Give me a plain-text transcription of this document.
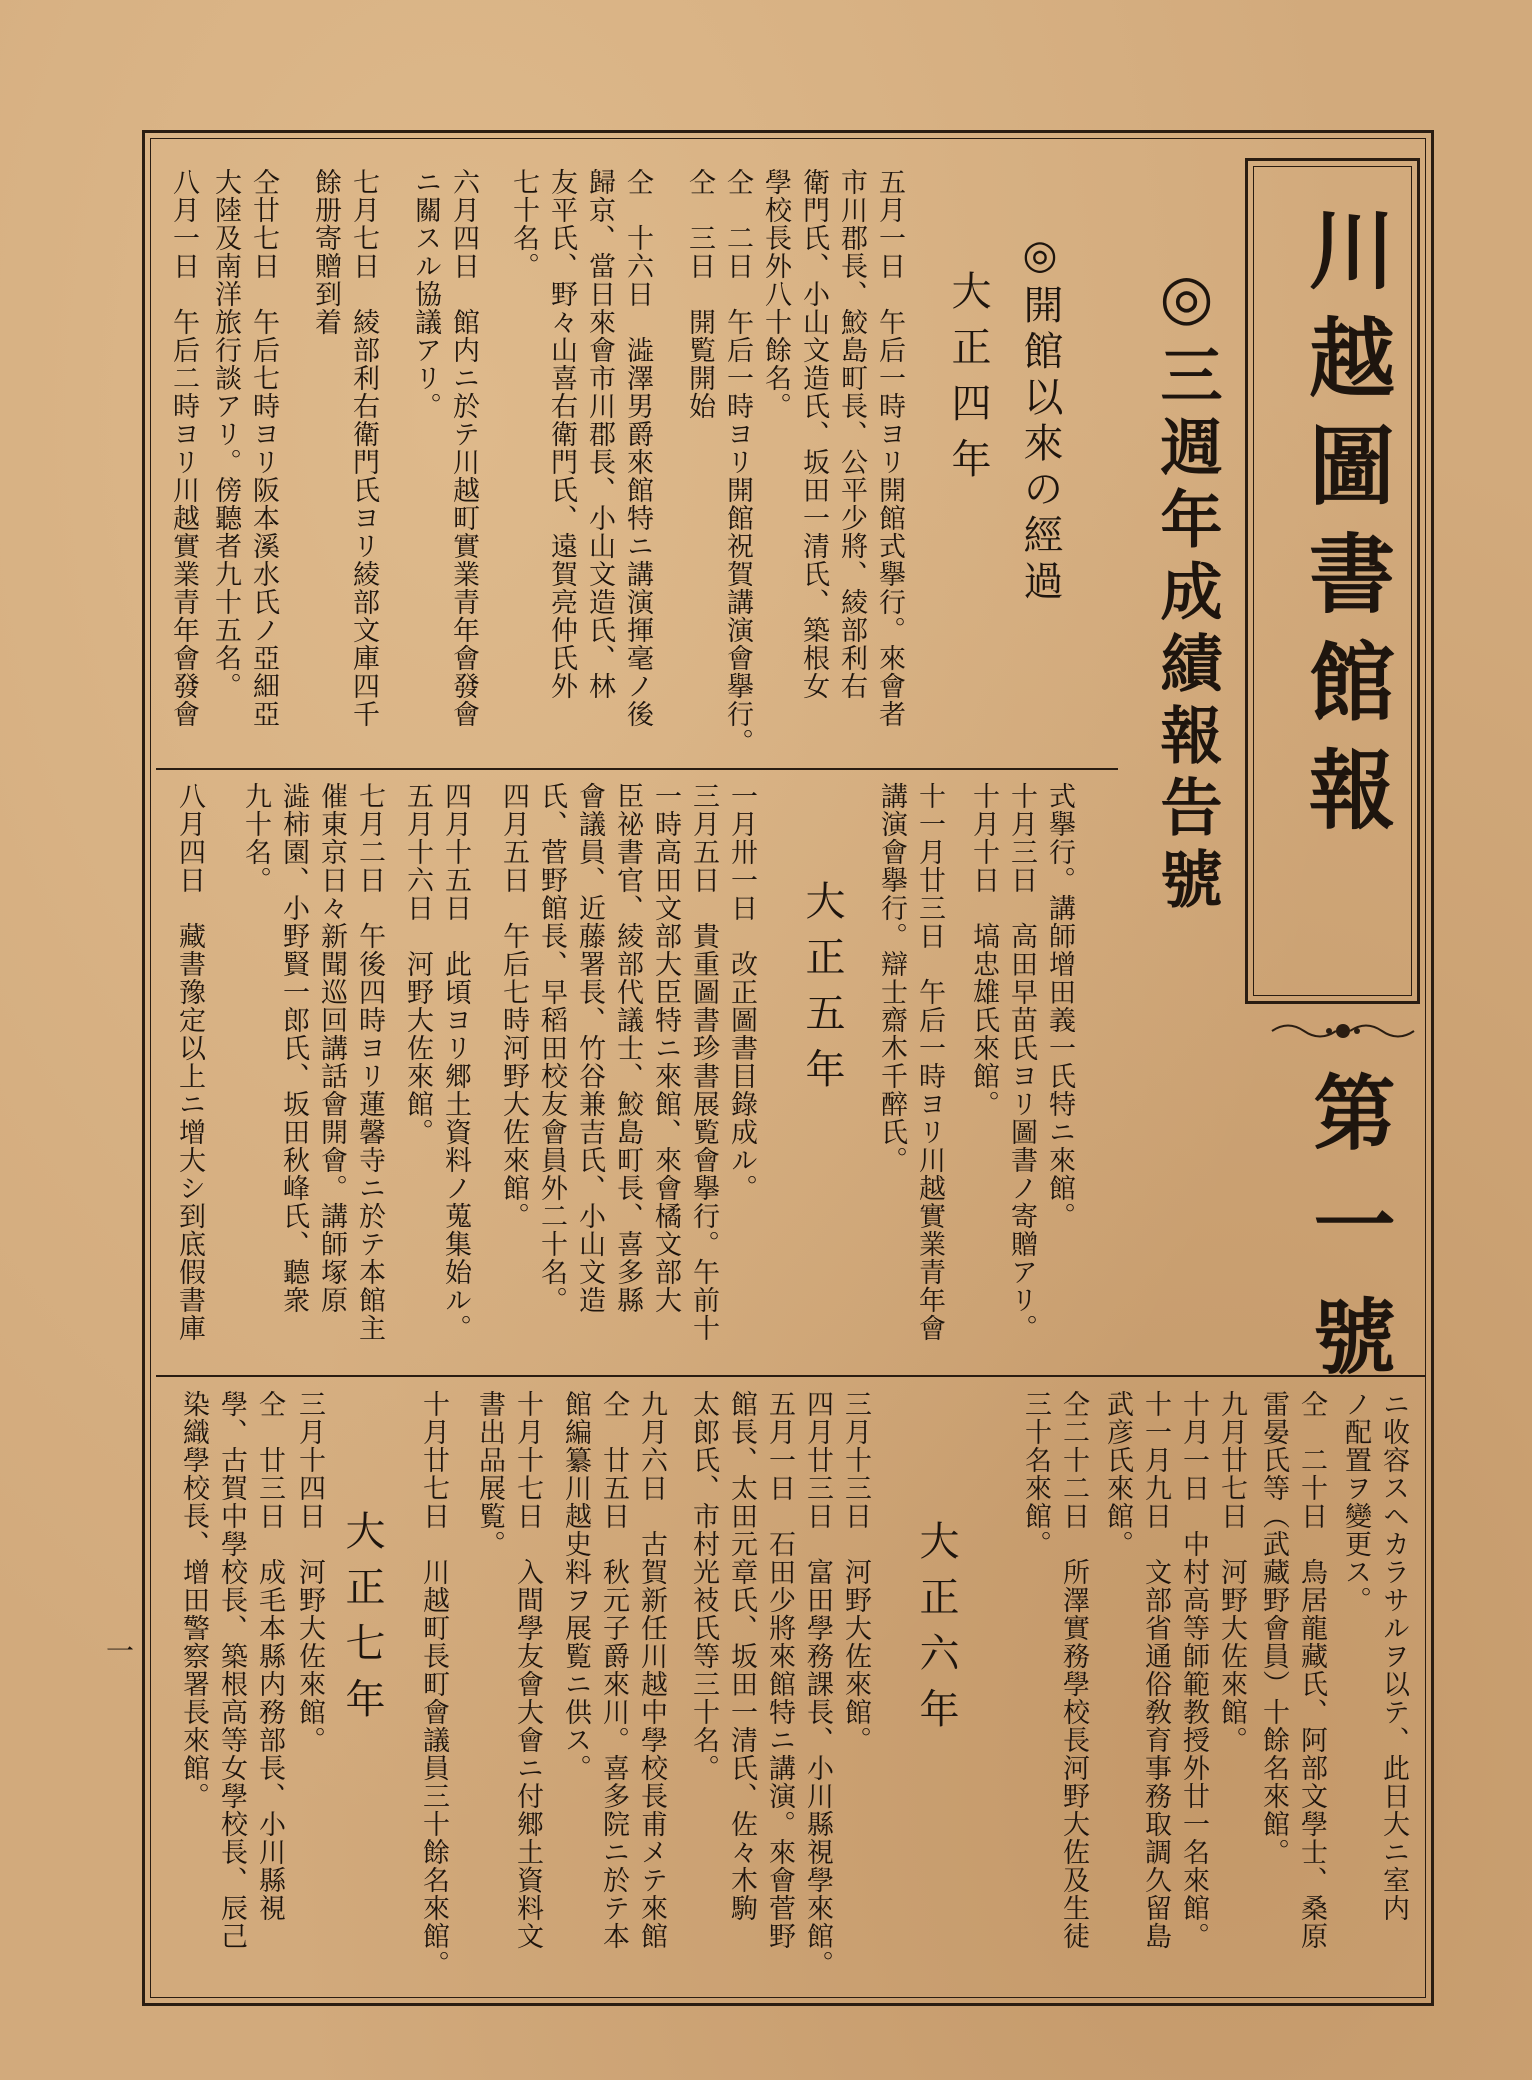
川越圖書館報
第一號
◎三週年成績報告號
◎開館以來の經過
大正四年
五月一日　午后一時ヨリ開館式擧行。來會者
市川郡長、鮫島町長、公平少將、綾部利右
衛門氏、小山文造氏、坂田一清氏、築根女
學校長外八十餘名。
仝　二日　午后一時ヨリ開館祝賀講演會擧行。
仝　三日　開覧開始
仝　十六日　澁澤男爵來館特ニ講演揮毫ノ後
歸京、當日來會市川郡長、小山文造氏、林
友平氏、野々山喜右衛門氏、遠賀亮仲氏外
七十名。
六月四日　館内ニ於テ川越町實業青年會發會
ニ關スル協議アリ。
七月七日　綾部利右衛門氏ヨリ綾部文庫四千
餘册寄贈到着
仝廿七日　午后七時ヨリ阪本溪水氏ノ亞細亞
大陸及南洋旅行談アリ。傍聽者九十五名。
八月一日　午后二時ヨリ川越實業青年會發會
式擧行。講師增田義一氏特ニ來館。
十月三日　高田早苗氏ヨリ圖書ノ寄贈アリ。
十月十日　塙忠雄氏來館。
十一月廿三日　午后一時ヨリ川越實業青年會
講演會擧行。辯士齋木千醉氏。
大正五年
一月卅一日　改正圖書目錄成ル。
三月五日　貴重圖書珍書展覧會擧行。午前十
一時高田文部大臣特ニ來館、來會橘文部大
臣祕書官、綾部代議士、鮫島町長、喜多縣
會議員、近藤署長、竹谷兼吉氏、小山文造
氏、菅野館長、早稻田校友會員外二十名。
四月五日　午后七時河野大佐來館。
四月十五日　此頃ヨリ郷土資料ノ蒐集始ル。
五月十六日　河野大佐來館。
七月二日　午後四時ヨリ蓮馨寺ニ於テ本館主
催東京日々新聞巡回講話會開會。講師塚原
澁柿園、小野賢一郎氏、坂田秋峰氏、聽衆
九十名。
八月四日　藏書豫定以上ニ增大シ到底假書庫
ニ收容スヘカラサルヲ以テ、此日大ニ室内
ノ配置ヲ變更ス。
仝　二十日　鳥居龍藏氏、阿部文學士、桑原
雷晏氏等（武藏野會員）十餘名來館。
九月廿七日　河野大佐來館。
十月一日　中村高等師範教授外廿一名來館。
十一月九日　文部省通俗敎育事務取調久留島
武彦氏來館。
仝二十二日　所澤實務學校長河野大佐及生徒
三十名來館。
大正六年
三月十三日　河野大佐來館。
四月廿三日　富田學務課長、小川縣視學來館。
五月一日　石田少將來館特ニ講演。來會菅野
館長、太田元章氏、坂田一清氏、佐々木駒
太郎氏、市村光衼氏等三十名。
九月六日　古賀新任川越中學校長甫メテ來館
仝　廿五日　秋元子爵來川。喜多院ニ於テ本
館編纂川越史料ヲ展覧ニ供ス。
十月十七日　入間學友會大會ニ付郷土資料文
書出品展覧。
十月廿七日　川越町長町會議員三十餘名來館。
大正七年
三月十四日　河野大佐來館。
仝　廿三日　成毛本縣内務部長、小川縣視
學、古賀中學校長、築根高等女學校長、辰己
染織學校長、增田警察署長來館。
一
